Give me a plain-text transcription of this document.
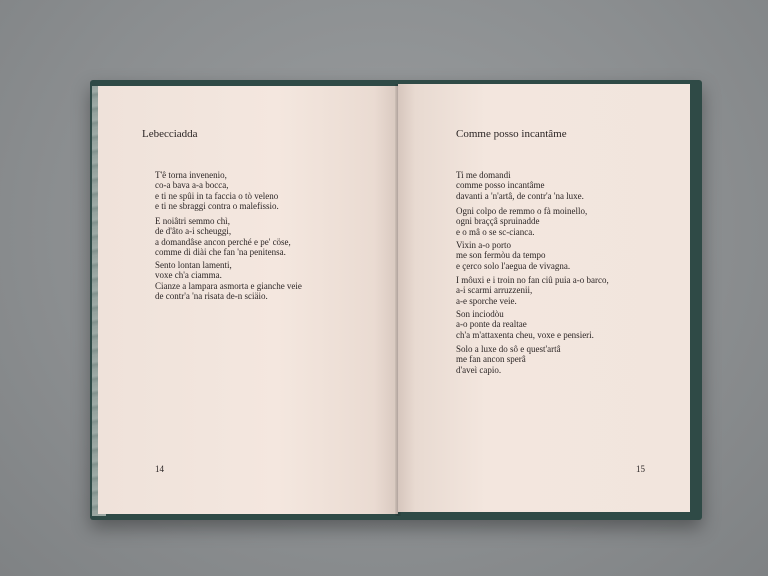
Lebecciadda
T'ê torna invenenio,
co-a bava a-a bocca,
e ti ne spûi in ta faccia o tò veleno
e ti ne sbraggi contra o malefissio.
E noiâtri semmo chì,
de d'âto a-i scheuggi,
a domandâse ancon perché e pe' cöse,
comme di diài che fan 'na penitensa.
Sento lontan lamenti,
voxe ch'a ciamma.
Cianze a lampara asmorta e gianche veie
de contr'a 'na risata de-n sciäio.
14
Comme posso incantâme
Ti me domandi
comme posso incantâme
davanti a 'n'artâ, de contr'a 'na luxe.
Ogni colpo de remmo o fà moinello,
ogni braççâ spruinadde
e o mâ o se sc-cianca.
Vixin a-o porto
me son fermòu da tempo
e çerco solo l'aegua de vivagna.
I môuxi e i troin no fan ciû puia a-o barco,
a-i scarmi arruzzenii,
a-e sporche veie.
Son inciodòu
a-o ponte da realtae
ch'a m'attaxenta cheu, voxe e pensieri.
Solo a luxe do sô e quest'artâ
me fan ancon sperâ
d'aveì capio.
15
